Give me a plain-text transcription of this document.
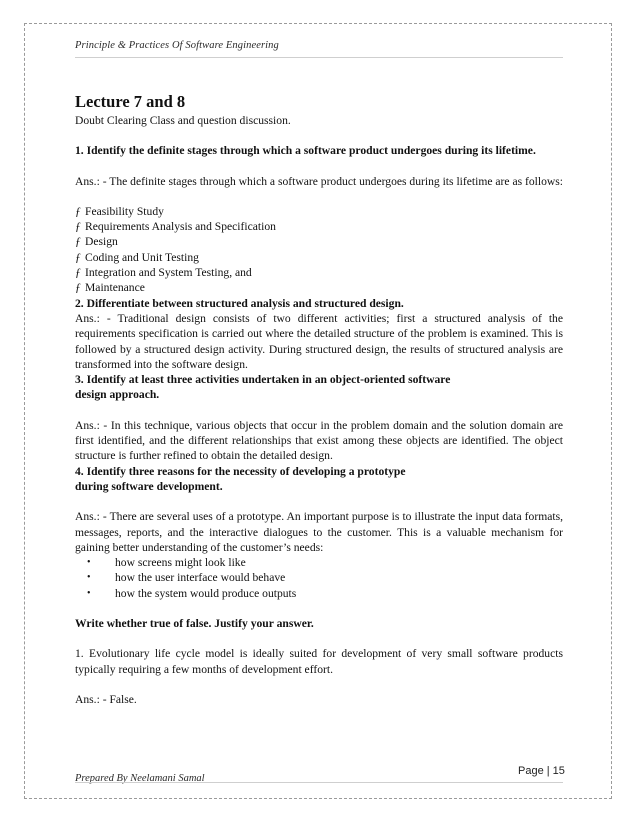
Principle & Practices Of Software Engineering

Lecture 7 and 8

Doubt Clearing Class and question discussion.

1. Identify the definite stages through which a software product undergoes during its lifetime.

Ans.: - The definite stages through which a software product undergoes during its lifetime are as follows:

ƒ Feasibility Study
ƒ Requirements Analysis and Specification
ƒ Design
ƒ Coding and Unit Testing
ƒ Integration and System Testing, and
ƒ Maintenance

2. Differentiate between structured analysis and structured design.

Ans.: - Traditional design consists of two different activities; first a structured analysis of the requirements specification is carried out where the detailed structure of the problem is examined. This is followed by a structured design activity. During structured design, the results of structured analysis are transformed into the software design.

3. Identify at least three activities undertaken in an object-oriented software

design approach.

Ans.: - In this technique, various objects that occur in the problem domain and the solution domain are first identified, and the different relationships that exist among these objects are identified. The object structure is further refined to obtain the detailed design.

4. Identify three reasons for the necessity of developing a prototype

during software development.

Ans.: - There are several uses of a prototype. An important purpose is to illustrate the input data formats, messages, reports, and the interactive dialogues to the customer. This is a valuable mechanism for gaining better understanding of the customer’s needs:

•	how screens might look like
•	how the user interface would behave
•	how the system would produce outputs

Write whether true of false. Justify your answer.

1. Evolutionary life cycle model is ideally suited for development of very small software products typically requiring a few months of development effort.

Ans.: - False.

Page | 15
Prepared By Neelamani Samal
